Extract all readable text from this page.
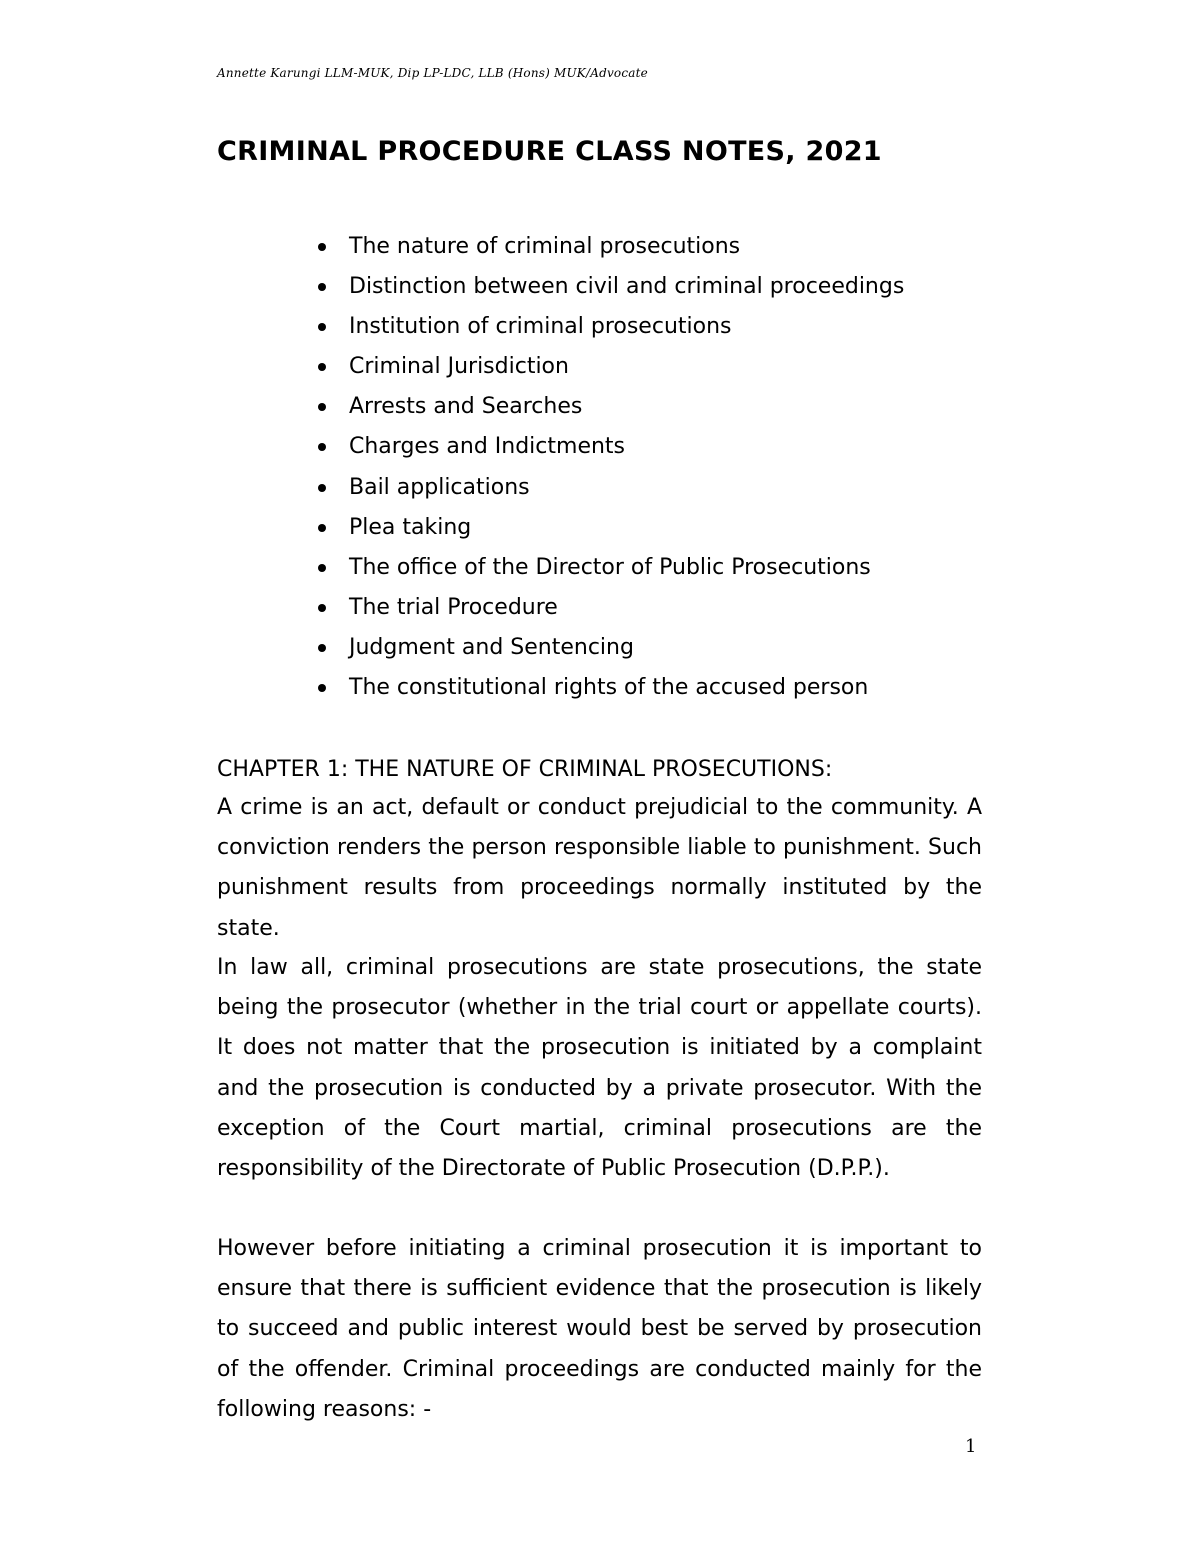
Annette Karungi LLM-MUK, Dip LP-LDC, LLB (Hons) MUK/Advocate
CRIMINAL PROCEDURE CLASS NOTES, 2021
The nature of criminal prosecutions
Distinction between civil and criminal proceedings
Institution of criminal prosecutions
Criminal Jurisdiction
Arrests and Searches
Charges and Indictments
Bail applications
Plea taking
The office of the Director of Public Prosecutions
The trial Procedure
Judgment and Sentencing
The constitutional rights of the accused person
CHAPTER 1: THE NATURE OF CRIMINAL PROSECUTIONS:

A crime is an act, default or conduct prejudicial to the community. A conviction renders the person responsible liable to punishment. Such punishment results from proceedings normally instituted by the state.

In law all, criminal prosecutions are state prosecutions, the state being the prosecutor (whether in the trial court or appellate courts). It does not matter that the prosecution is initiated by a complaint and the prosecution is conducted by a private prosecutor. With the exception of the Court martial, criminal prosecutions are the responsibility of the Directorate of Public Prosecution (D.P.P.).

However before initiating a criminal prosecution it is important to ensure that there is sufficient evidence that the prosecution is likely to succeed and public interest would best be served by prosecution of the offender. Criminal proceedings are conducted mainly for the following reasons: -

1
